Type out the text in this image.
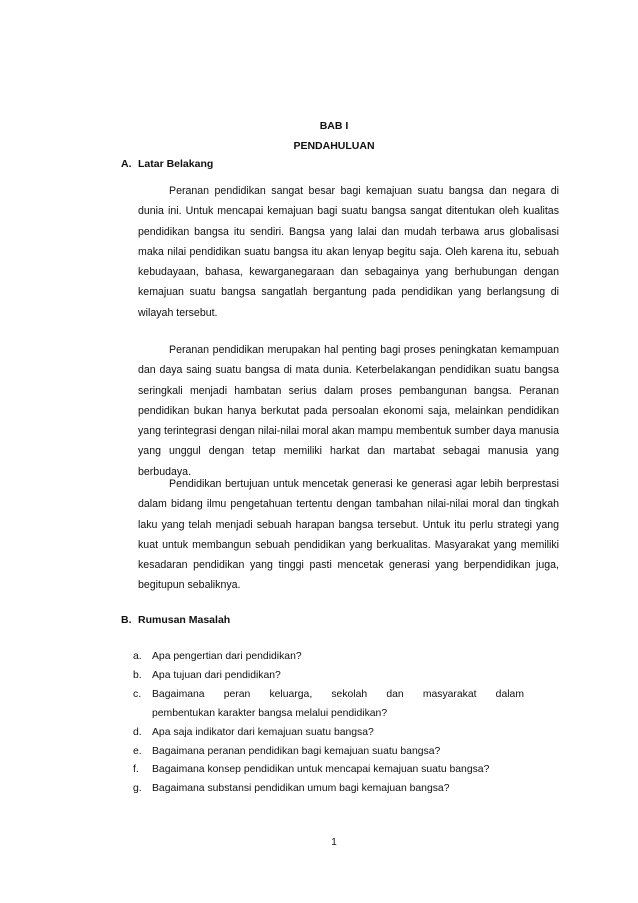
BAB I
PENDAHULUAN
A. Latar Belakang

Peranan pendidikan sangat besar bagi kemajuan suatu bangsa dan negara di dunia ini. Untuk mencapai kemajuan bagi suatu bangsa sangat ditentukan oleh kualitas pendidikan bangsa itu sendiri. Bangsa yang lalai dan mudah terbawa arus globalisasi maka nilai pendidikan suatu bangsa itu akan lenyap begitu saja. Oleh karena itu, sebuah kebudayaan, bahasa, kewarganegaraan dan sebagainya yang berhubungan dengan kemajuan suatu bangsa sangatlah bergantung pada pendidikan yang berlangsung di wilayah tersebut.

Peranan pendidikan merupakan hal penting bagi proses peningkatan kemampuan dan daya saing suatu bangsa di mata dunia. Keterbelakangan pendidikan suatu bangsa seringkali menjadi hambatan serius dalam proses pembangunan bangsa. Peranan pendidikan bukan hanya berkutat pada persoalan ekonomi saja, melainkan pendidikan yang terintegrasi dengan nilai-nilai moral akan mampu membentuk sumber daya manusia yang unggul dengan tetap memiliki harkat dan martabat sebagai manusia yang berbudaya.

Pendidikan bertujuan untuk mencetak generasi ke generasi agar lebih berprestasi dalam bidang ilmu pengetahuan tertentu dengan tambahan nilai-nilai moral dan tingkah laku yang telah menjadi sebuah harapan bangsa tersebut. Untuk itu perlu strategi yang kuat untuk membangun sebuah pendidikan yang berkualitas. Masyarakat yang memiliki kesadaran pendidikan yang tinggi pasti mencetak generasi yang berpendidikan juga, begitupun sebaliknya.

B. Rumusan Masalah
a. Apa pengertian dari pendidikan?
b. Apa tujuan dari pendidikan?
c. Bagaimana peran keluarga, sekolah dan masyarakat dalam
pembentukan karakter bangsa melalui pendidikan?
d. Apa saja indikator dari kemajuan suatu bangsa?
e. Bagaimana peranan pendidikan bagi kemajuan suatu bangsa?
f. Bagaimana konsep pendidikan untuk mencapai kemajuan suatu bangsa?
g. Bagaimana substansi pendidikan umum bagi kemajuan bangsa?
1
